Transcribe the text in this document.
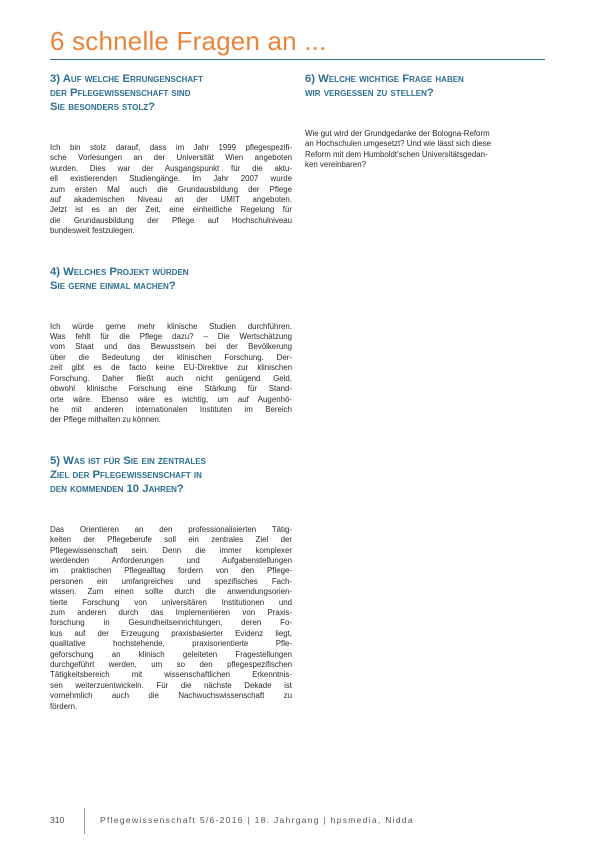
6 schnelle Fragen an ...
3) Auf welche Errungenschaft
der Pflegewissenschaft sind
Sie besonders stolz?

Ich bin stolz darauf, dass im Jahr 1999 pflegespezifi-
sche Vorlesungen an der Universität Wien angeboten
wurden. Dies war der Ausgangspunkt für die aktu-
ell existierenden Studiengänge. Im Jahr 2007 wurde
zum ersten Mal auch die Grundausbildung der Pflege
auf akademischen Niveau an der UMIT angeboten.
Jetzt ist es an der Zeit, eine einheitliche Regelung für
die Grundausbildung der Pflege auf Hochschulniveau
bundesweit festzulegen.

4) Welches Projekt würden
Sie gerne einmal machen?

Ich würde gerne mehr klinische Studien durchführen.
Was fehlt für die Pflege dazu? – Die Wertschätzung
vom Staat und das Bewusstsein bei der Bevölkerung
über die Bedeutung der klinischen Forschung. Der-
zeit gibt es de facto keine EU-Direktive zur klinischen
Forschung. Daher fließt auch nicht genügend Geld,
obwohl klinische Forschung eine Stärkung für Stand-
orte wäre. Ebenso wäre es wichtig, um auf Augenhö-
he mit anderen internationalen Instituten im Bereich
der Pflege mithalten zu können.

5) Was ist für Sie ein zentrales
Ziel der Pflegewissenschaft in
den kommenden 10 Jahren?

Das Orientieren an den professionalisierten Tätig-
keiten der Pflegeberufe soll ein zentrales Ziel der
Pflegewissenschaft sein. Denn die immer komplexer
werdenden Anforderungen und Aufgabenstellungen
im praktischen Pflegealltag fordern von den Pflege-
personen ein umfangreiches und spezifisches Fach-
wissen. Zum einen sollte durch die anwendungsorien-
tierte Forschung von universitären Institutionen und
zum anderen durch das Implementieren von Praxis-
forschung in Gesundheitseinrichtungen, deren Fo-
kus auf der Erzeugung praxisbasierter Evidenz liegt,
qualitative hochstehende, praxisorientierte Pfle-
geforschung an klinisch geleiteten Fragestellungen
durchgeführt werden, um so den pflegespezifischen
Tätigkeitsbereich mit wissenschaftlichen Erkenntnis-
sen weiterzuentwickeln. Für die nächste Dekade ist
vornehmlich auch die Nachwuchswissenschaft zu
fördern.

6) Welche wichtige Frage haben
wir vergessen zu stellen?

Wie gut wird der Grundgedanke der Bologna-Reform
an Hochschulen umgesetzt? Und wie lässt sich diese
Reform mit dem Humboldt'schen Universitätsgedan-
ken vereinbaren?

310	Pflegewissenschaft 5/6-2016 | 18. Jahrgang | hpsmedia, Nidda
